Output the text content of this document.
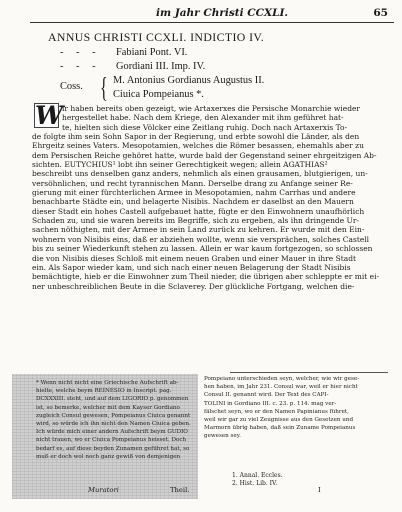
im Jahr Christi CCXLI.	65
ANNUS CHRISTI CCXLI. INDICTIO IV.
- - - Fabiani Pont. VI.
- - - Gordiani III. Imp. IV.
Coss. { M. Antonius Gordianus Augustus II.
Ciuica Pompeianus *.
W
ir haben bereits oben gezeigt, wie Artaxerxes die Persische Monarchie wieder
hergestellet habe. Nach dem Kriege, den Alexander mit ihm geführet hat-
te, hielten sich diese Völcker eine Zeitlang ruhig. Doch nach Artaxerxis To-
de folgte ihm sein Sohn Sapor in der Regierung, und erbte sowohl die Länder, als den
Ehrgeitz seines Vaters. Mesopotamien, welches die Römer besassen, ehemahls aber zu
dem Persischen Reiche gehöret hatte, wurde bald der Gegenstand seiner ehrgeitzigen Ab-
sichten. EUTYCHIUS¹ lobt ihn seiner Gerechtigkeit wegen; allein AGATHIAS²
beschreibt uns denselben ganz anders, nehmlich als einen grausamen, blutgierigen, un-
versöhnlichen, und recht tyrannischen Mann. Derselbe drang zu Anfange seiner Re-
gierung mit einer fürchterlichen Armee in Mesopotamien, nahm Carrhas und andere
benachbarte Städte ein, und belagerte Nisibis. Nachdem er daselbst an den Mauern
dieser Stadt ein hohes Castell aufgebauet hatte, fügte er den Einwohnern unaufhörlich
Schaden zu, und sie waren bereits im Begriffe, sich zu ergeben, als ihn dringende Ur-
sachen nöthigten, mit der Armee in sein Land zurück zu kehren. Er wurde mit den Ein-
wohnern von Nisibis eins, daß er abziehen wollte, wenn sie versprächen, solches Castell
bis zu seiner Wiederkunft stehen zu lassen. Allein er war kaum fortgezogen, so schlossen
die von Nisibis dieses Schloß mit einem neuen Graben und einer Mauer in ihre Stadt
ein. Als Sapor wieder kam, und sich nach einer neuen Belagerung der Stadt Nisibis
bemächtigte, hieb er die Einwohner zum Theil nieder, die übrigen aber schleppte er mit ei-
ner unbeschreiblichen Beute in die Sclaverey. Der glückliche Fortgang, welchen die-
* Wenn nicht nicht eine Griechische Aufschrift ab-
hielte, welche beym REINESIO in Inscript. pag.
DCXXXIII. steht, und auf dem LIGORIO p. genommen
ist, so bemerke, welcher mit dem Kayser Gordiano
zugleich Consul gewesen, Pompeianus Ciuica genannt
wird, so würde ich ihn nicht den Namen Ciuica geben.
Ich würde mich einer andern Aufschrift beym GUDIO
nicht trauen, wo er Ciuica Pompeianus heisset. Doch
bedarf es, auf diese beyden Zunamen geführet hat, so
muß er doch wol noch ganz gewiß von demjenigen
Muratori	Theil.
Pompeiano unterschieden seyn, welcher, wie wir gese-
hen haben, im Jahr 231. Consul war, weil er hier nicht
Consul II. genannt wird. Der Text des CAPI-
TOLINI in Gordiano III. c. 23. p. 114. mag ver-
fälschet seyn, wo er den Namen Papinianus führet,
weil wir gar zu viel Zeugnisse aus den Gesetzen und
Marmorn übrig haben, daß sein Zuname Pompeianus
gewesen sey.
1. Annal. Eccles.
2. Hist. Lib. IV.
I
